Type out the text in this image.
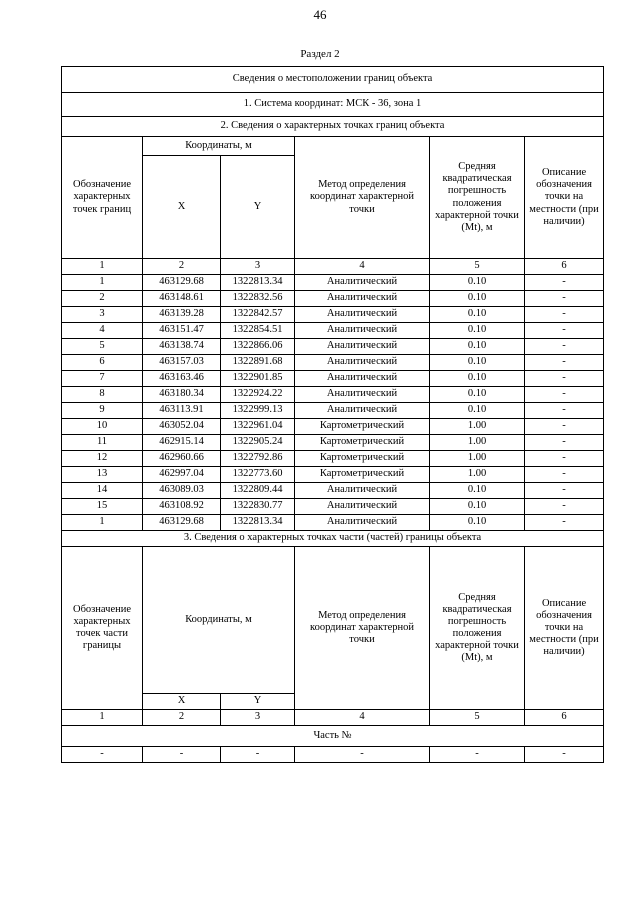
46
Раздел 2
Сведения о местоположении границ объекта					
1. Система координат: МСК - 36, зона 1					
2. Сведения о характерных точках границ объекта					
Обозначение характерных точек границ	Координаты, м		Метод определения координат характерной точки	Средняя квадратическая погрешность положения характерной точки (Mt), м	Описание обозначения точки на местности (при наличии)
	X	Y			
1	2	3	4	5	6
1	463129.68	1322813.34	Аналитический	0.10	-
2	463148.61	1322832.56	Аналитический	0.10	-
3	463139.28	1322842.57	Аналитический	0.10	-
4	463151.47	1322854.51	Аналитический	0.10	-
5	463138.74	1322866.06	Аналитический	0.10	-
6	463157.03	1322891.68	Аналитический	0.10	-
7	463163.46	1322901.85	Аналитический	0.10	-
8	463180.34	1322924.22	Аналитический	0.10	-
9	463113.91	1322999.13	Аналитический	0.10	-
10	463052.04	1322961.04	Картометрический	1.00	-
11	462915.14	1322905.24	Картометрический	1.00	-
12	462960.66	1322792.86	Картометрический	1.00	-
13	462997.04	1322773.60	Картометрический	1.00	-
14	463089.03	1322809.44	Аналитический	0.10	-
15	463108.92	1322830.77	Аналитический	0.10	-
1	463129.68	1322813.34	Аналитический	0.10	-
3. Сведения о характерных точках части (частей) границы объекта					
Обозначение характерных точек части границы	Координаты, м		Метод определения координат характерной точки	Средняя квадратическая погрешность положения характерной точки (Mt), м	Описание обозначения точки на местности (при наличии)
	X	Y			
1	2	3	4	5	6
Часть №					
-	-	-	-	-	-
